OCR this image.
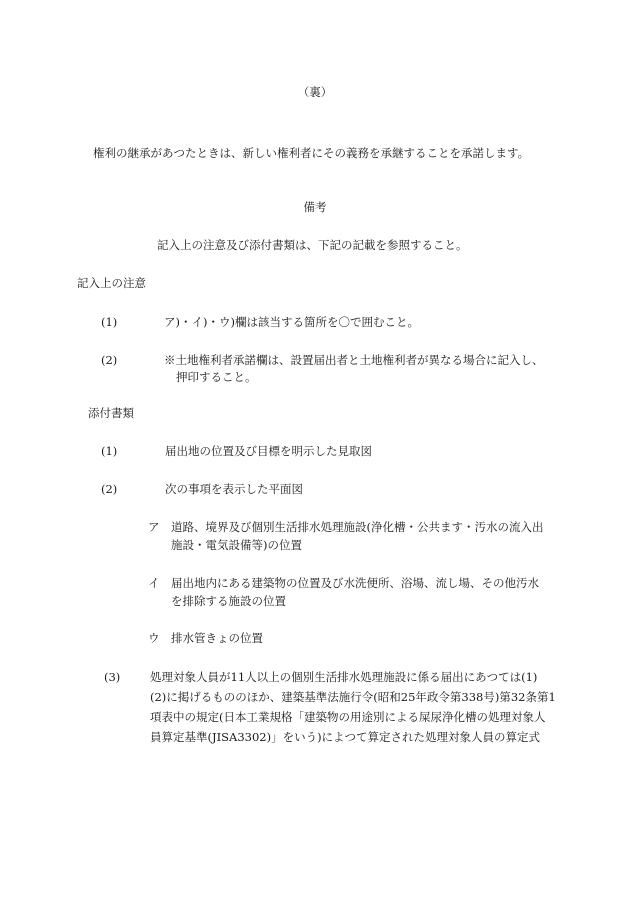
（裏）
権利の継承があつたときは、新しい権利者にその義務を承継することを承諾します。
備考
記入上の注意及び添付書類は、下記の記載を参照すること。
記入上の注意
(1)	ア)・イ)・ウ)欄は該当する箇所を〇で囲むこと。
(2)	※土地権利者承諾欄は、設置届出者と土地権利者が異なる場合に記入し、
押印すること。
添付書類
(1)	届出地の位置及び目標を明示した見取図
(2)	次の事項を表示した平面図
ア 道路、境界及び個別生活排水処理施設(浄化槽・公共ます・汚水の流入出
施設・電気設備等)の位置
イ 届出地内にある建築物の位置及び水洗便所、浴場、流し場、その他汚水
を排除する施設の位置
ウ 排水管きょの位置
(3)	処理対象人員が11人以上の個別生活排水処理施設に係る届出にあつては(1)
(2)に掲げるもののほか、建築基準法施行令(昭和25年政令第338号)第32条第1
項表中の規定(日本工業規格「建築物の用途別による屎尿浄化槽の処理対象人
員算定基準(JISA3302)」をいう)によつて算定された処理対象人員の算定式
